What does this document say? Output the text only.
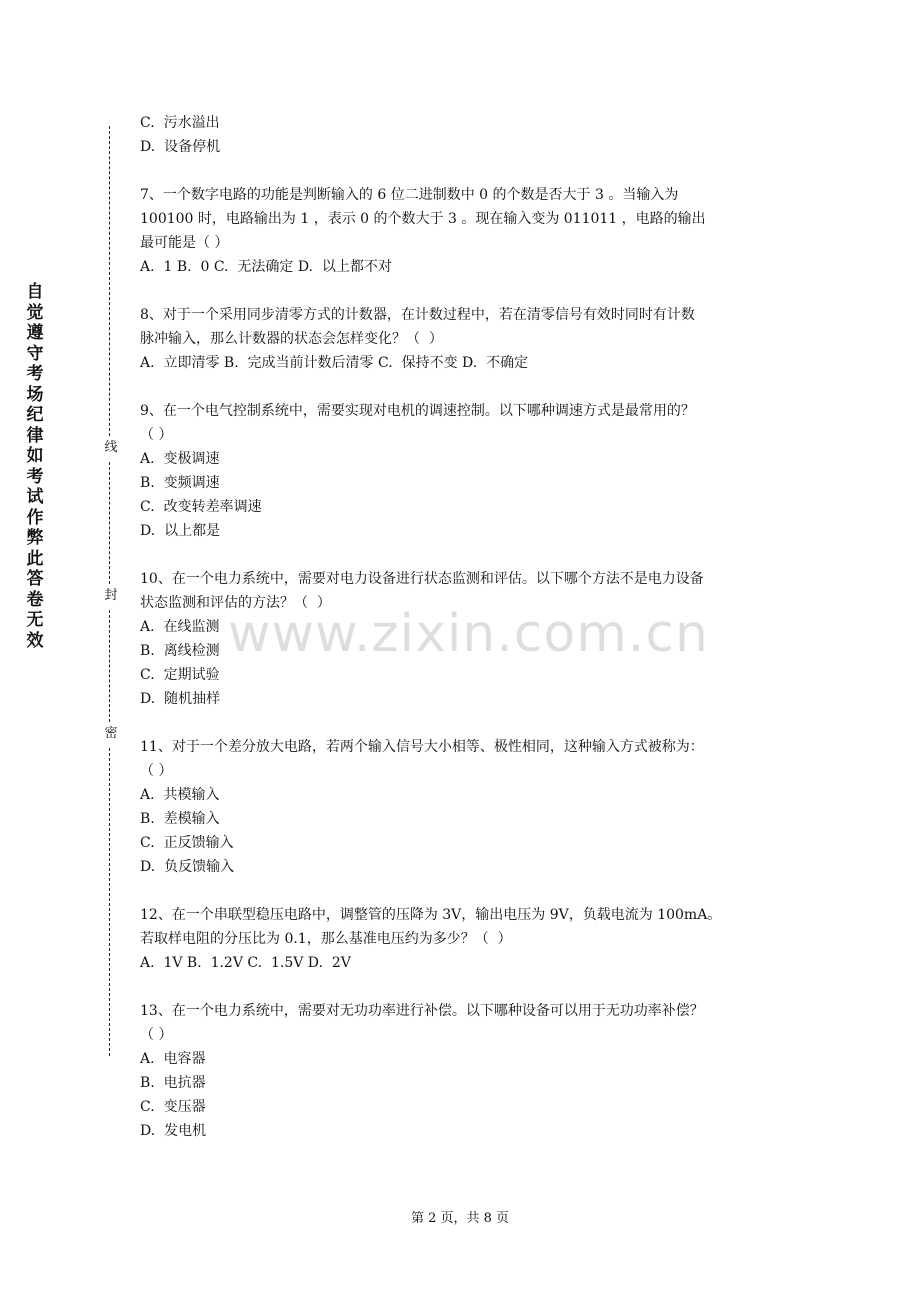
自觉遵守考场纪律如考试作弊此答卷无效
线
封
密
www.zixin.com.cn

C.  污水溢出

D.  设备停机

7、一个数字电路的功能是判断输入的 6 位二进制数中 0 的个数是否大于 3 。当输入为

100100 时，电路输出为 1 ，表示 0 的个数大于 3 。现在输入变为 011011 ，电路的输出

最可能是（ ）

A.  1 B.  0 C.  无法确定 D.  以上都不对

8、对于一个采用同步清零方式的计数器，在计数过程中，若在清零信号有效时同时有计数

脉冲输入，那么计数器的状态会怎样变化？（  ）

A.  立即清零 B.  完成当前计数后清零 C.  保持不变 D.  不确定

9、在一个电气控制系统中，需要实现对电机的调速控制。以下哪种调速方式是最常用的？

（ ）

A.  变极调速

B.  变频调速

C.  改变转差率调速

D.  以上都是

10、在一个电力系统中，需要对电力设备进行状态监测和评估。以下哪个方法不是电力设备

状态监测和评估的方法？（  ）

A.  在线监测

B.  离线检测

C.  定期试验

D.  随机抽样

11、对于一个差分放大电路，若两个输入信号大小相等、极性相同，这种输入方式被称为：

（ ）

A.  共模输入

B.  差模输入

C.  正反馈输入

D.  负反馈输入

12、在一个串联型稳压电路中，调整管的压降为 3V，输出电压为 9V，负载电流为 100mA。

若取样电阻的分压比为 0.1，那么基准电压约为多少？（  ）

A.  1V B.  1.2V C.  1.5V D.  2V

13、在一个电力系统中，需要对无功功率进行补偿。以下哪种设备可以用于无功功率补偿？

（ ）

A.  电容器

B.  电抗器

C.  变压器

D.  发电机

第 2 页，共 8 页
